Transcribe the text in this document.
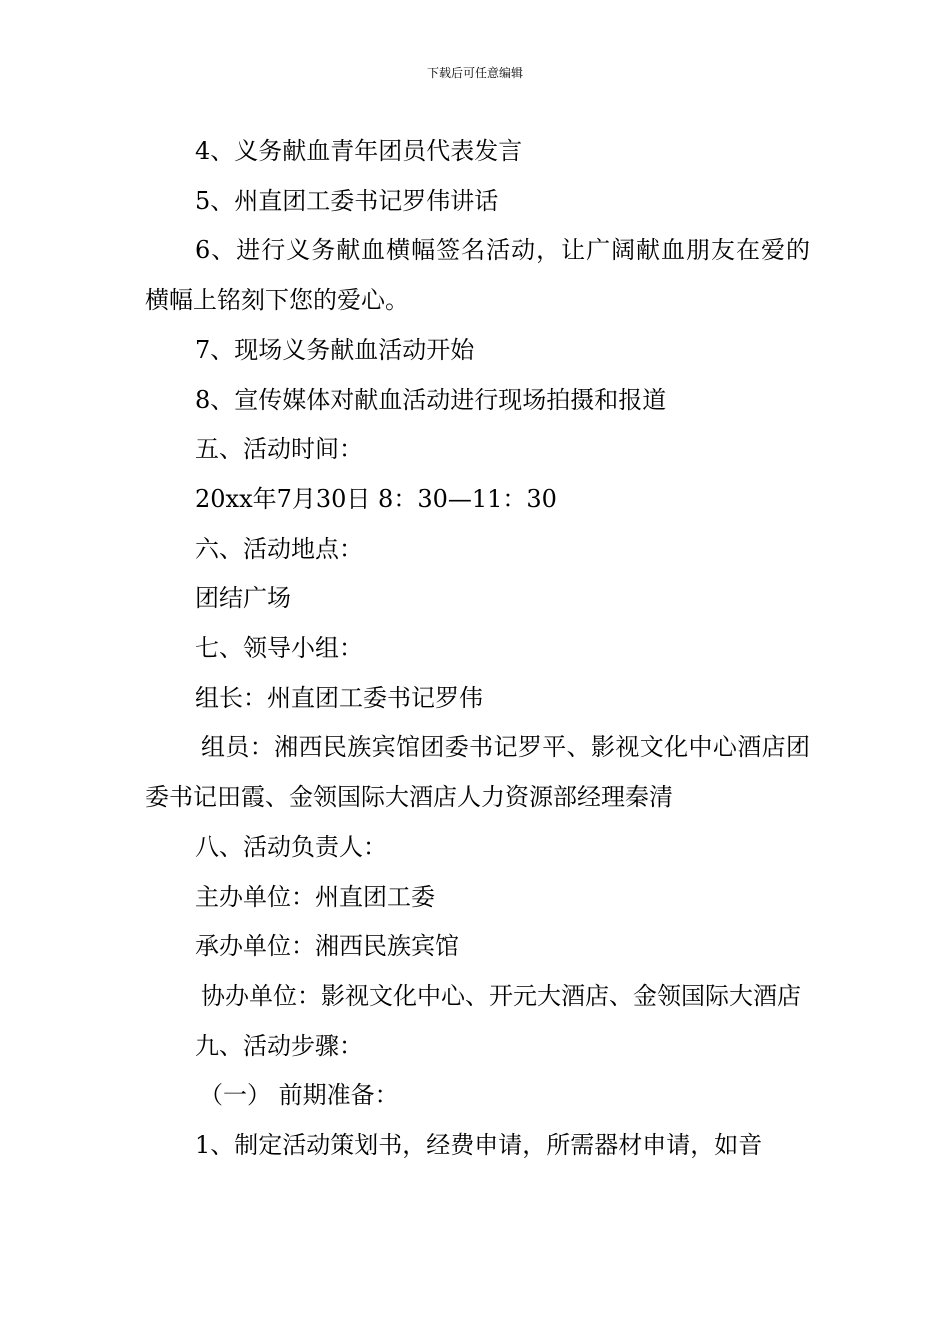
下载后可任意编辑

4、义务献血青年团员代表发言

5、州直团工委书记罗伟讲话

6、进行义务献血横幅签名活动，让广阔献血朋友在爱的横幅上铭刻下您的爱心。

7、现场义务献血活动开始

8、宣传媒体对献血活动进行现场拍摄和报道

五、活动时间：

20xx年7月30日 8：30—11：30

六、活动地点：

团结广场

七、领导小组：

组长：州直团工委书记罗伟

组员：湘西民族宾馆团委书记罗平、影视文化中心酒店团委书记田霞、金领国际大酒店人力资源部经理秦清

八、活动负责人：

主办单位：州直团工委

承办单位：湘西民族宾馆

协办单位：影视文化中心、开元大酒店、金领国际大酒店

九、活动步骤：

（一） 前期准备：

1、制定活动策划书，经费申请，所需器材申请，如音
